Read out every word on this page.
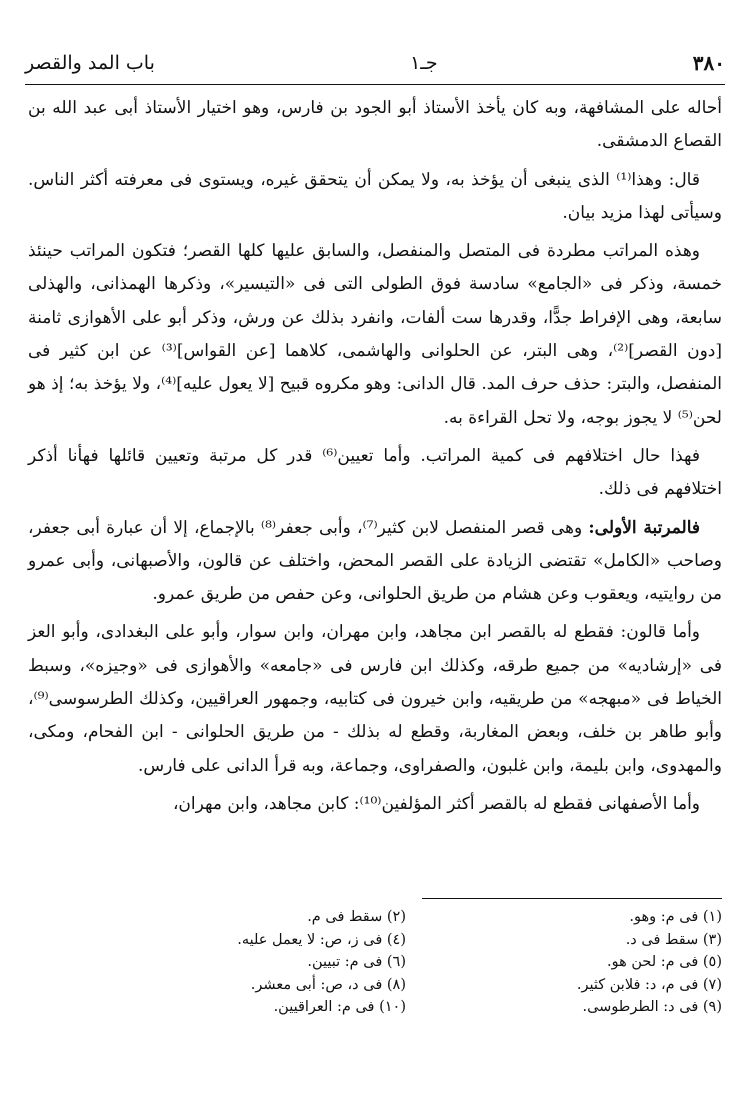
٣٨٠
جـ١
باب المد والقصر

أحاله على المشافهة، وبه كان يأخذ الأستاذ أبو الجود بن فارس، وهو اختيار الأستاذ أبى عبد الله بن القصاع الدمشقى.

قال: وهذا⁽¹⁾ الذى ينبغى أن يؤخذ به، ولا يمكن أن يتحقق غيره، ويستوى فى معرفته أكثر الناس. وسيأتى لهذا مزيد بيان.

وهذه المراتب مطردة فى المتصل والمنفصل، والسابق عليها كلها القصر؛ فتكون المراتب حينئذ خمسة، وذكر فى «الجامع» سادسة فوق الطولى التى فى «التيسير»، وذكرها الهمذانى، والهذلى سابعة، وهى الإفراط جدًّا، وقدرها ست ألفات، وانفرد بذلك عن ورش، وذكر أبو على الأهوازى ثامنة [دون القصر]⁽²⁾، وهى البتر، عن الحلوانى والهاشمى، كلاهما [عن القواس]⁽³⁾ عن ابن كثير فى المنفصل، والبتر: حذف حرف المد. قال الدانى: وهو مكروه قبيح [لا يعول عليه]⁽⁴⁾، ولا يؤخذ به؛ إذ هو لحن⁽⁵⁾ لا يجوز بوجه، ولا تحل القراءة به.

فهذا حال اختلافهم فى كمية المراتب. وأما تعيين⁽⁶⁾ قدر كل مرتبة وتعيين قائلها فهأنا أذكر اختلافهم فى ذلك.

فالمرتبة الأولى: وهى قصر المنفصل لابن كثير⁽⁷⁾، وأبى جعفر⁽⁸⁾ بالإجماع، إلا أن عبارة أبى جعفر، وصاحب «الكامل» تقتضى الزيادة على القصر المحض، واختلف عن قالون، والأصبهانى، وأبى عمرو من روايتيه، ويعقوب وعن هشام من طريق الحلوانى، وعن حفص من طريق عمرو.

وأما قالون: فقطع له بالقصر ابن مجاهد، وابن مهران، وابن سوار، وأبو على البغدادى، وأبو العز فى «إرشاديه» من جميع طرقه، وكذلك ابن فارس فى «جامعه» والأهوازى فى «وجيزه»، وسبط الخياط فى «مبهجه» من طريقيه، وابن خيرون فى كتابيه، وجمهور العراقيين، وكذلك الطرسوسى⁽⁹⁾، وأبو طاهر بن خلف، وبعض المغاربة، وقطع له بذلك - من طريق الحلوانى - ابن الفحام، ومكى، والمهدوى، وابن بليمة، وابن غلبون، والصفراوى، وجماعة، وبه قرأ الدانى على فارس.

وأما الأصفهانى فقطع له بالقصر أكثر المؤلفين⁽¹⁰⁾: كابن مجاهد، وابن مهران،

(١) فى م: وهو.
(٢) سقط فى م.
(٣) سقط فى د.
(٤) فى ز، ص: لا يعمل عليه.
(٥) فى م: لحن هو.
(٦) فى م: تبيين.
(٧) فى م، د: فلابن كثير.
(٨) فى د، ص: أبى معشر.
(٩) فى د: الطرطوسى.
(١٠) فى م: العراقيين.
